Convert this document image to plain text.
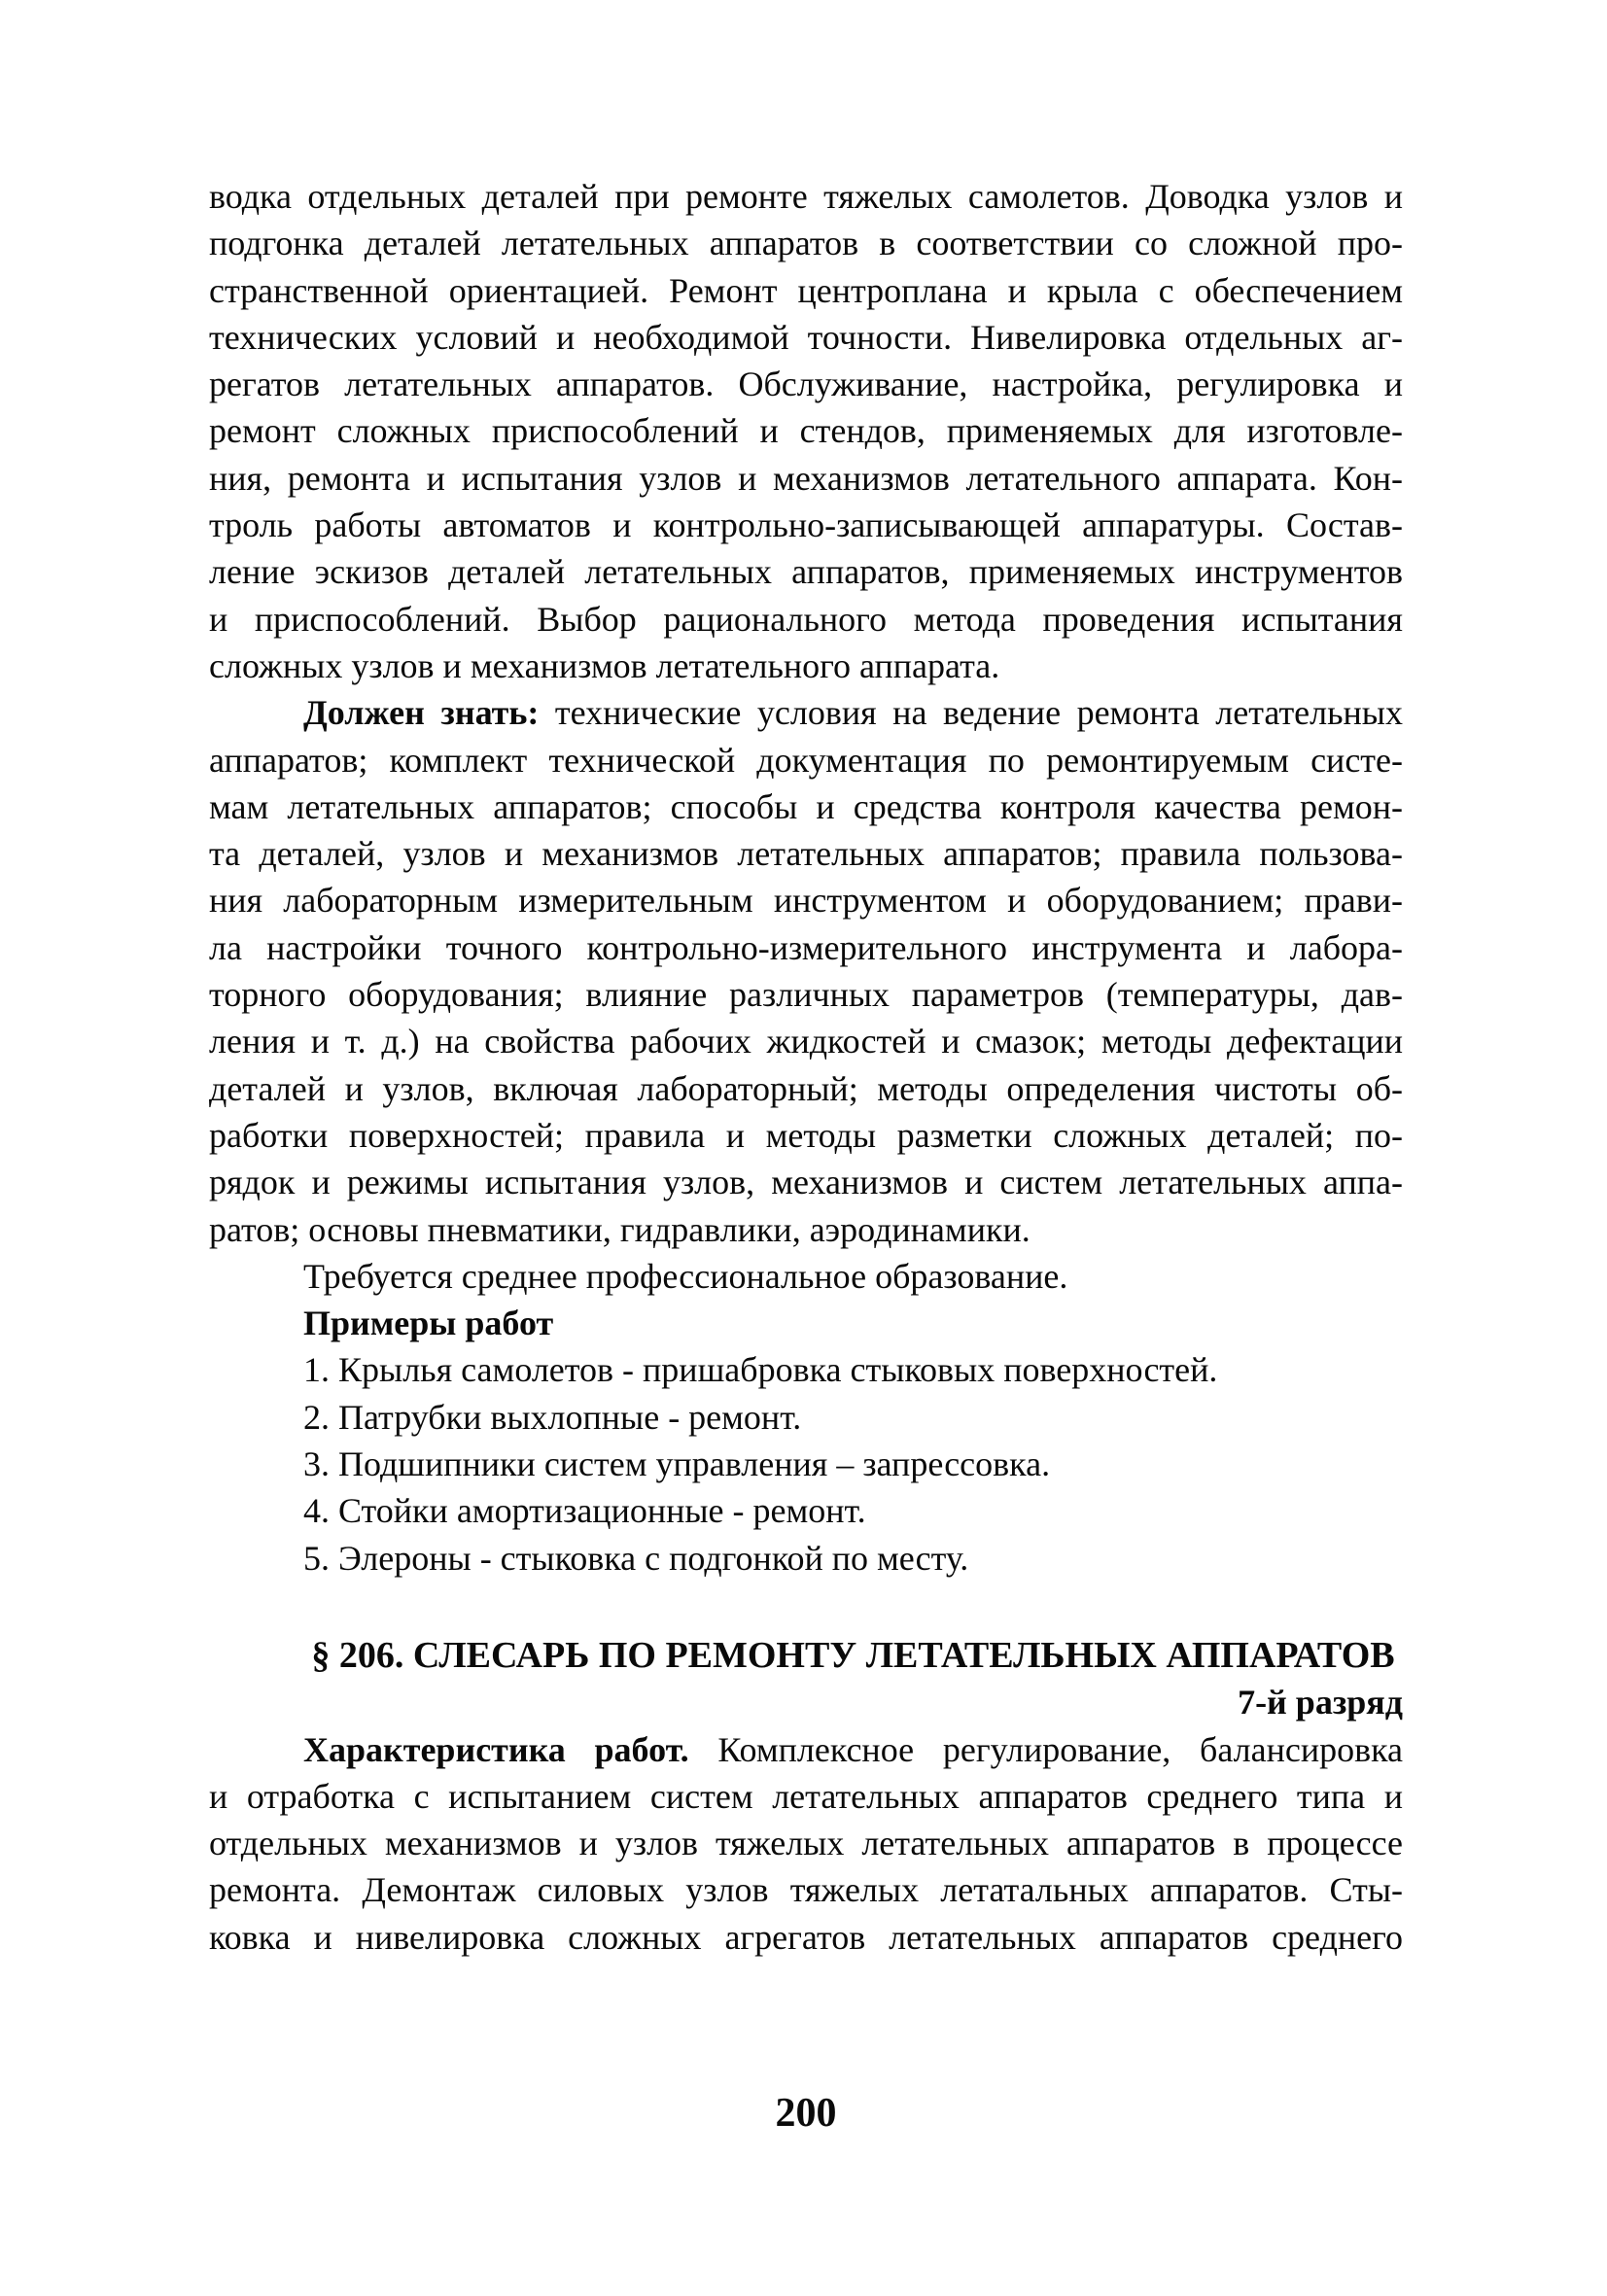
водка отдельных деталей при ремонте тяжелых самолетов. Доводка узлов и
подгонка деталей летательных аппаратов в соответствии со сложной про-
странственной ориентацией. Ремонт центроплана и крыла с обеспечением
технических условий и необходимой точности. Нивелировка отдельных аг-
регатов летательных аппаратов. Обслуживание, настройка, регулировка и
ремонт сложных приспособлений и стендов, применяемых для изготовле-
ния, ремонта и испытания узлов и механизмов летательного аппарата. Кон-
троль работы автоматов и контрольно-записывающей аппаратуры. Состав-
ление эскизов деталей летательных аппаратов, применяемых инструментов
и приспособлений. Выбор рационального метода проведения испытания
сложных узлов и механизмов летательного аппарата.
Должен знать: технические условия на ведение ремонта летательных
аппаратов; комплект технической документация по ремонтируемым систе-
мам летательных аппаратов; способы и средства контроля качества ремон-
та деталей, узлов и механизмов летательных аппаратов; правила пользова-
ния лабораторным измерительным инструментом и оборудованием; прави-
ла настройки точного контрольно-измерительного инструмента и лабора-
торного оборудования; влияние различных параметров (температуры, дав-
ления и т. д.) на свойства рабочих жидкостей и смазок; методы дефектации
деталей и узлов, включая лабораторный; методы определения чистоты об-
работки поверхностей; правила и методы разметки сложных деталей; по-
рядок и режимы испытания узлов, механизмов и систем летательных аппа-
ратов; основы пневматики, гидравлики, аэродинамики.
Требуется среднее профессиональное образование.
Примеры работ
1. Крылья самолетов - пришабровка стыковых поверхностей.
2. Патрубки выхлопные - ремонт.
3. Подшипники систем управления – запрессовка.
4. Стойки амортизационные - ремонт.
5. Элероны - стыковка с подгонкой по месту.
§ 206. СЛЕСАРЬ ПО РЕМОНТУ ЛЕТАТЕЛЬНЫХ АППАРАТОВ
7-й разряд
Характеристика работ. Комплексное регулирование, балансировка
и отработка с испытанием систем летательных аппаратов среднего типа и
отдельных механизмов и узлов тяжелых летательных аппаратов в процессе
ремонта. Демонтаж силовых узлов тяжелых летатальных аппаратов. Сты-
ковка и нивелировка сложных агрегатов летательных аппаратов среднего
200
